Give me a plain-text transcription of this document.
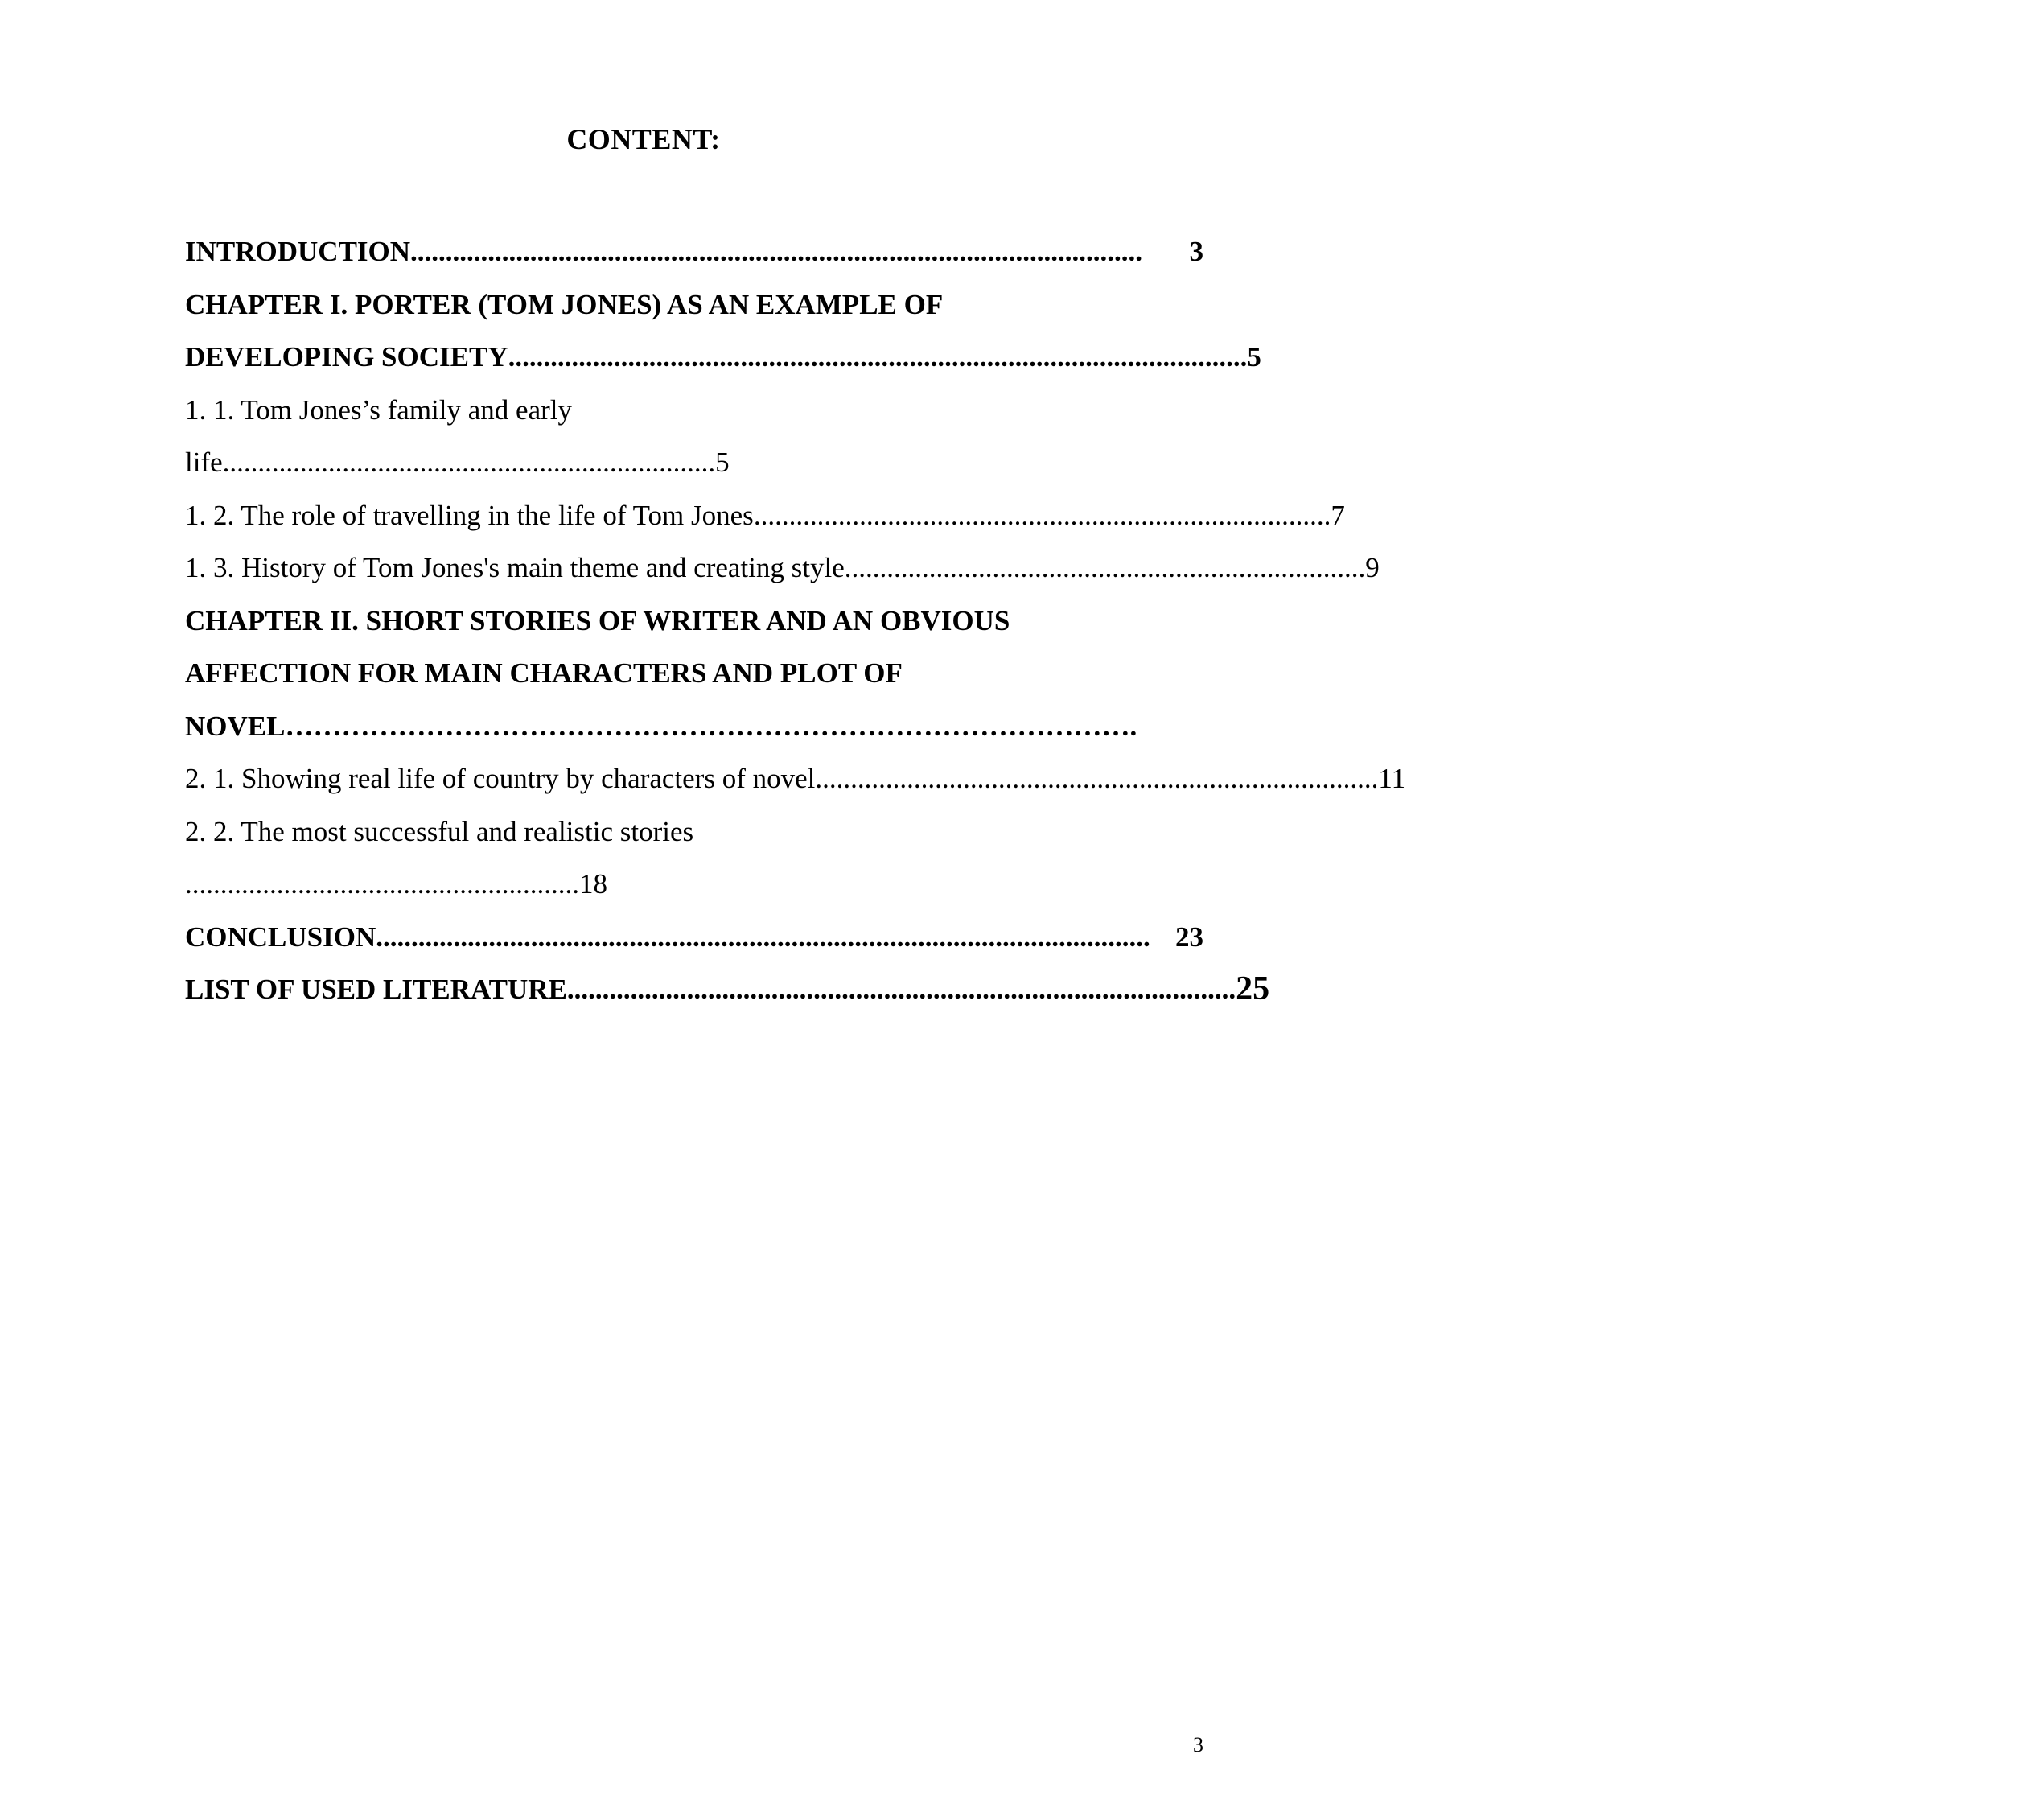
CONTENT:
INTRODUCTION ........................................................................................................	3
CHAPTER I. PORTER (TOM JONES) AS AN EXAMPLE OF
DEVELOPING SOCIETY ......................................................................................................... 5
1. 1. Tom Jones’s family and early
life......................................................................5
1. 2. The role of travelling in the life of Tom Jones .................................................................................. 7
1. 3. History of Tom Jones's main theme and creating style .......................................................................... 9
CHAPTER II. SHORT STORIES OF WRITER AND AN OBVIOUS
AFFECTION FOR MAIN CHARACTERS AND PLOT OF
NOVEL……………………………………………………………………………….
2. 1. Showing real life of country by characters of novel ................................................................................ 11
2. 2. The most successful and realistic stories
........................................................18
CONCLUSION .............................................................................................................. 23
LIST OF USED LITERATURE ............................................................................................... 25
3
